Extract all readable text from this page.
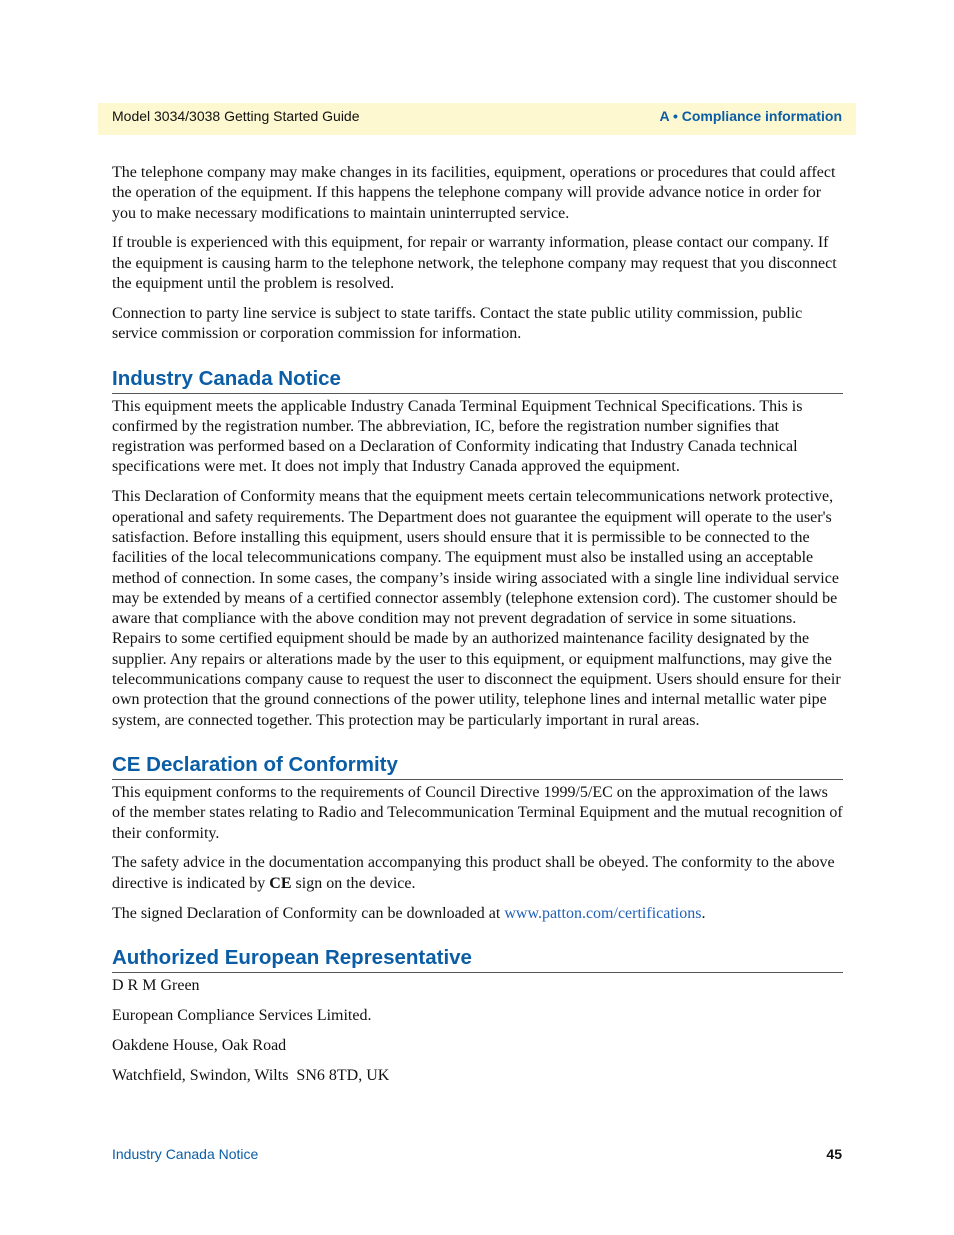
Model 3034/3038 Getting Started Guide	A • Compliance information

The telephone company may make changes in its facilities, equipment, operations or procedures that could affect the operation of the equipment. If this happens the telephone company will provide advance notice in order for you to make necessary modifications to maintain uninterrupted service.

If trouble is experienced with this equipment, for repair or warranty information, please contact our company. If the equipment is causing harm to the telephone network, the telephone company may request that you disconnect the equipment until the problem is resolved.

Connection to party line service is subject to state tariffs. Contact the state public utility commission, public service commission or corporation commission for information.

Industry Canada Notice

This equipment meets the applicable Industry Canada Terminal Equipment Technical Specifications. This is confirmed by the registration number. The abbreviation, IC, before the registration number signifies that registration was performed based on a Declaration of Conformity indicating that Industry Canada technical specifications were met. It does not imply that Industry Canada approved the equipment.

This Declaration of Conformity means that the equipment meets certain telecommunications network protective, operational and safety requirements. The Department does not guarantee the equipment will operate to the user's satisfaction. Before installing this equipment, users should ensure that it is permissible to be connected to the facilities of the local telecommunications company. The equipment must also be installed using an acceptable method of connection. In some cases, the company’s inside wiring associated with a single line individual service may be extended by means of a certified connector assembly (telephone extension cord). The customer should be aware that compliance with the above condition may not prevent degradation of service in some situations. Repairs to some certified equipment should be made by an authorized maintenance facility designated by the supplier. Any repairs or alterations made by the user to this equipment, or equipment malfunctions, may give the telecommunications company cause to request the user to disconnect the equipment. Users should ensure for their own protection that the ground connections of the power utility, telephone lines and internal metallic water pipe system, are connected together. This protection may be particularly important in rural areas.

CE Declaration of Conformity

This equipment conforms to the requirements of Council Directive 1999/5/EC on the approximation of the laws of the member states relating to Radio and Telecommunication Terminal Equipment and the mutual recognition of their conformity.

The safety advice in the documentation accompanying this product shall be obeyed. The conformity to the above directive is indicated by CE sign on the device.

The signed Declaration of Conformity can be downloaded at www.patton.com/certifications.

Authorized European Representative

D R M Green

European Compliance Services Limited.

Oakdene House, Oak Road

Watchfield, Swindon, Wilts  SN6 8TD, UK

Industry Canada Notice	45
